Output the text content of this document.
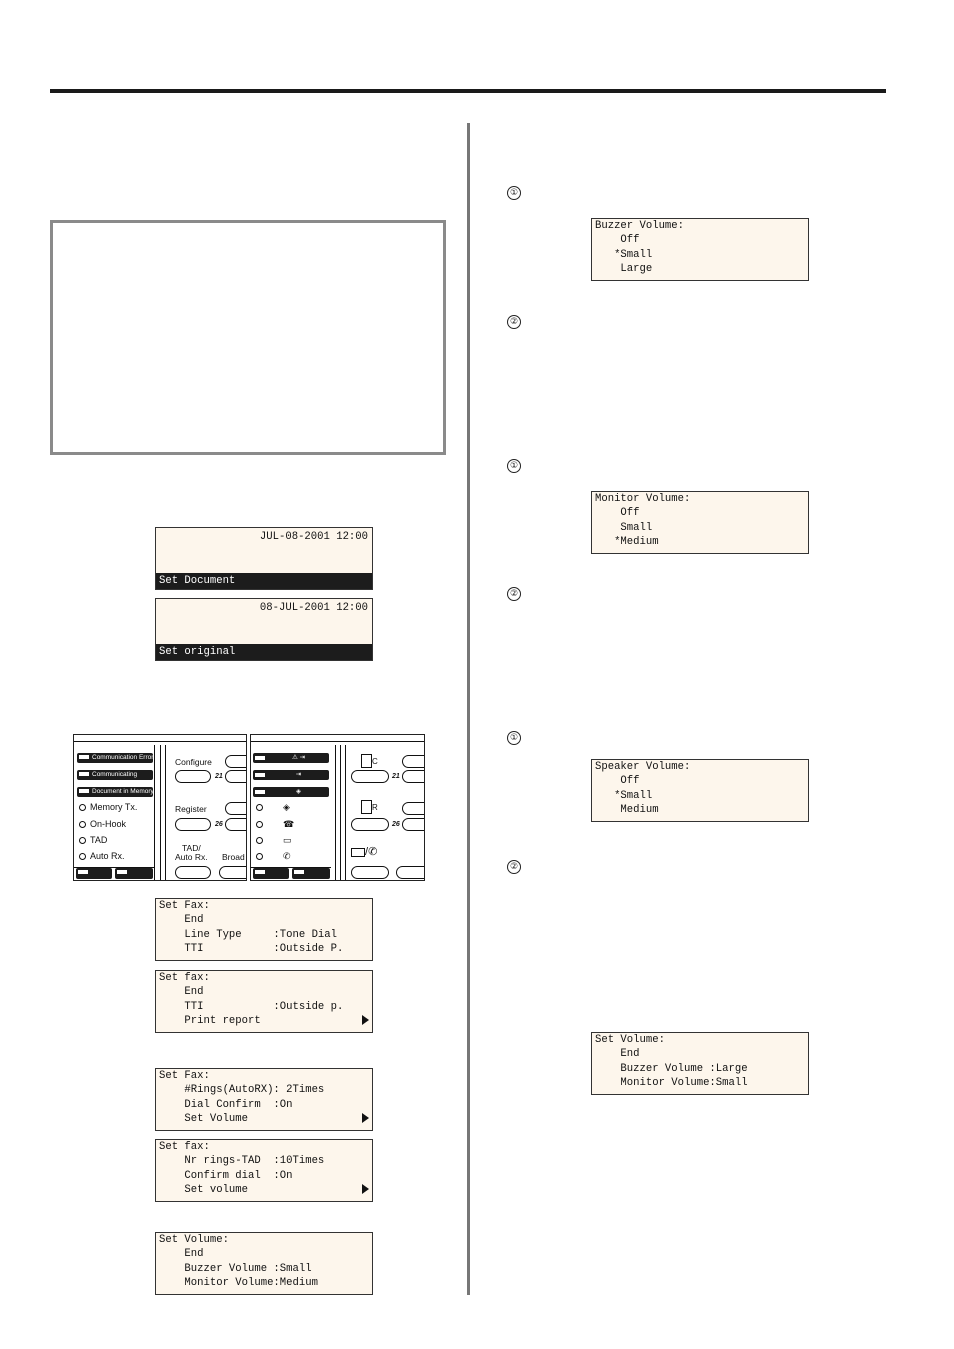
JUL-08-2001 12:00
Set Document
08-JUL-2001 12:00
Set original
Communication Error
Communicating
Document in Memory
Memory Tx.
On-Hook
TAD
Auto Rx.
Configure
21
Register
26
TAD/
Auto Rx. Broad
⚠ ⇥
⇥
◈
◈
☎
▭
✆
C
21
R
26
/✆
Set Fax:
End
Line Type     :Tone Dial
TTI           :Outside P.
Set fax:
End
TTI           :Outside p.
Print report
Set Fax:
#Rings(AutoRX): 2Times
Dial Confirm  :On
Set Volume
Set fax:
Nr rings-TAD  :10Times
Confirm dial  :On
Set volume
Set Volume:
End
Buzzer Volume :Small
Monitor Volume:Medium
①
Buzzer Volume:
Off
*Small
Large
②
①
Monitor Volume:
Off
Small
*Medium
②
①
Speaker Volume:
Off
*Small
Medium
②
Set Volume:
End
Buzzer Volume :Large
Monitor Volume:Small
